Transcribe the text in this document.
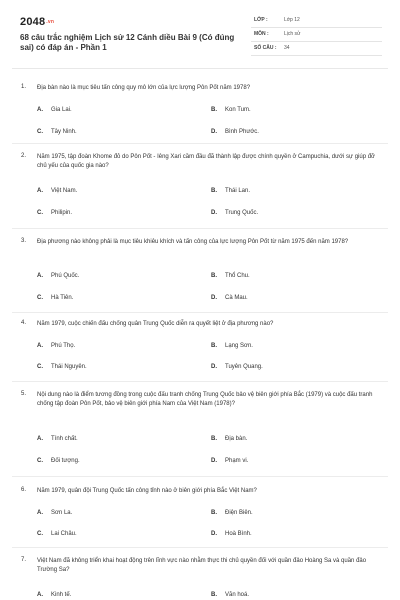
2048.vn
68 câu trắc nghiệm Lịch sử 12 Cánh diều Bài 9 (Có đúng sai) có đáp án - Phần 1
LỚP :	Lớp 12
MÔN :	Lịch sử
SỐ CÂU : 34
1. Địa bàn nào là mục tiêu tấn công quy mô lớn của lực lượng Pôn Pốt năm 1978?
A. Gia Lai.	B. Kon Tum.
C. Tây Ninh.	D. Bình Phước.
2. Năm 1975, tập đoàn Khome đỏ do Pôn Pốt - Iêng Xari cầm đầu đã thành lập được chính quyền ở Campuchia, dưới sự giúp đỡ chủ yếu của quốc gia nào?
A. Việt Nam.	B. Thái Lan.
C. Philipin.	D. Trung Quốc.
3. Địa phương nào không phải là mục tiêu khiêu khích và tấn công của lực lượng Pôn Pốt từ năm 1975 đến năm 1978?
A. Phú Quốc.	B. Thổ Chu.
C. Hà Tiên.	D. Cà Mau.
4. Năm 1979, cuộc chiến đấu chống quân Trung Quốc diễn ra quyết liệt ở địa phương nào?
A. Phú Thọ.	B. Lạng Sơn.
C. Thái Nguyên.	D. Tuyên Quang.
5. Nội dung nào là điểm tương đồng trong cuộc đấu tranh chống Trung Quốc bảo vệ biên giới phía Bắc (1979) và cuộc đấu tranh chống tập đoàn Pôn Pốt, bảo vệ biên giới phía Nam của Việt Nam (1978)?
A. Tính chất.	B. Địa bàn.
C. Đối tượng.	D. Phạm vi.
6. Năm 1979, quân đội Trung Quốc tấn công tỉnh nào ở biên giới phía Bắc Việt Nam?
A. Sơn La.	B. Điện Biên.
C. Lai Châu.	D. Hoà Bình.
7. Việt Nam đã không triển khai hoạt động trên lĩnh vực nào nhằm thực thi chủ quyền đối với quần đảo Hoàng Sa và quần đảo Trường Sa?
A. Kinh tế.	B. Văn hoá.
